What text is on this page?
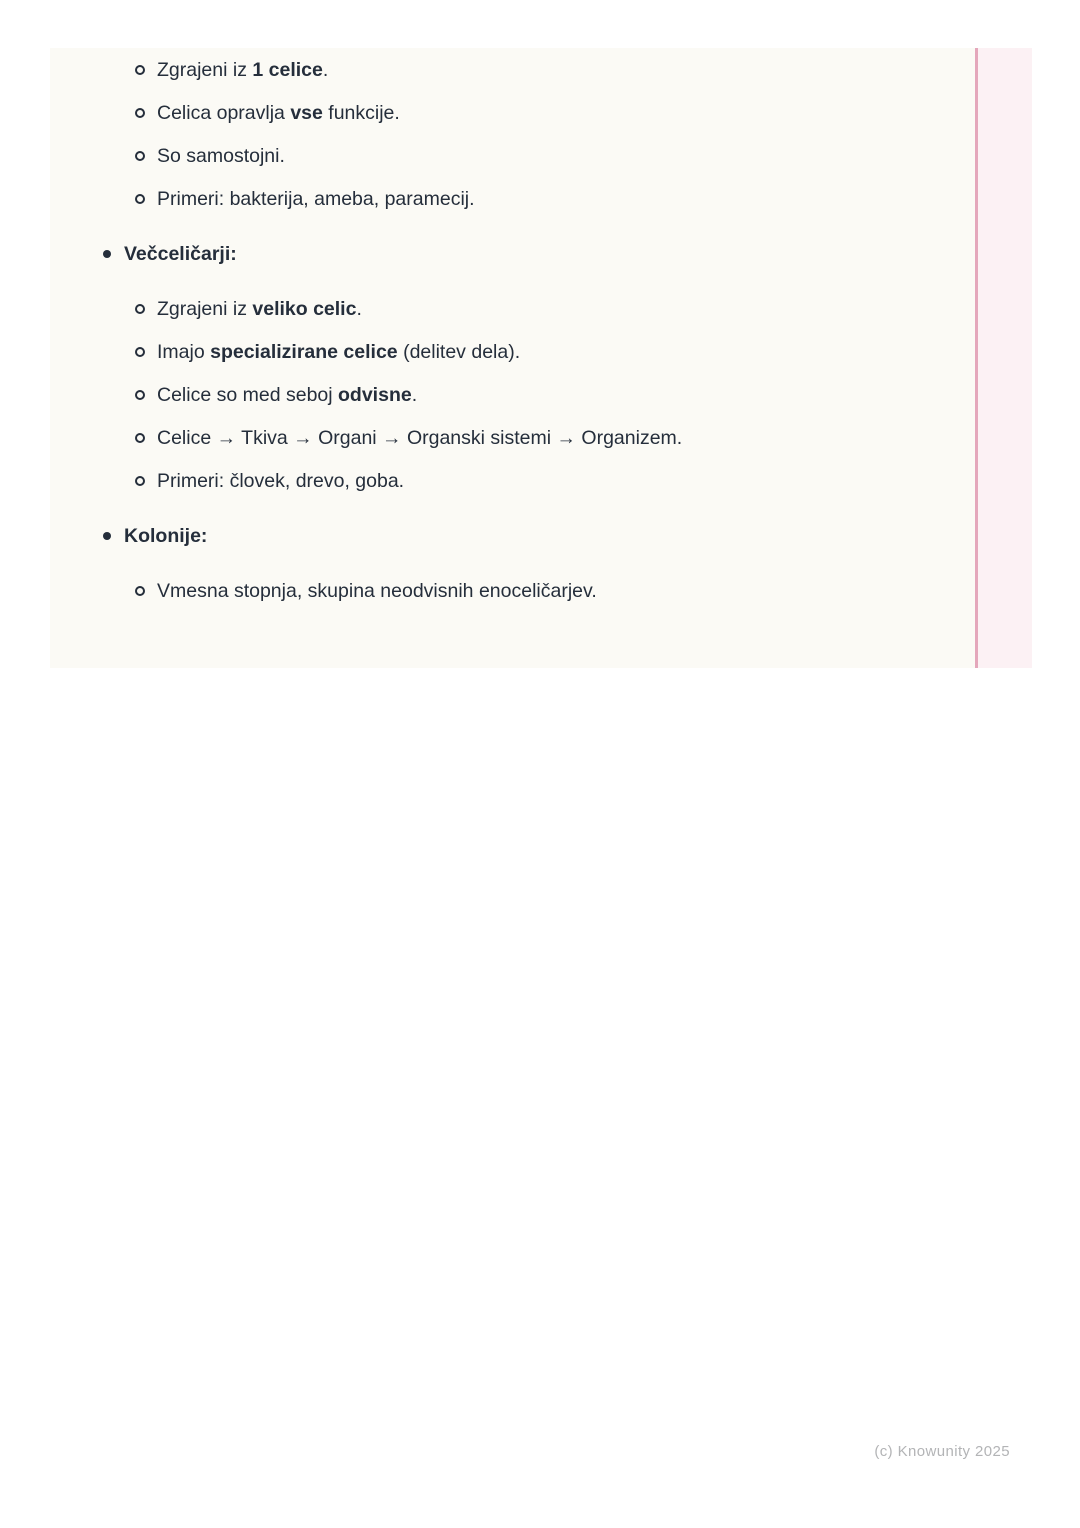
Zgrajeni iz 1 celice.
Celica opravlja vse funkcije.
So samostojni.
Primeri: bakterija, ameba, paramecij.
Večceličarji:
Zgrajeni iz veliko celic.
Imajo specializirane celice (delitev dela).
Celice so med seboj odvisne.
Celice → Tkiva → Organi → Organski sistemi → Organizem.
Primeri: človek, drevo, goba.
Kolonije:
Vmesna stopnja, skupina neodvisnih enoceličarjev.
(c) Knowunity 2025
